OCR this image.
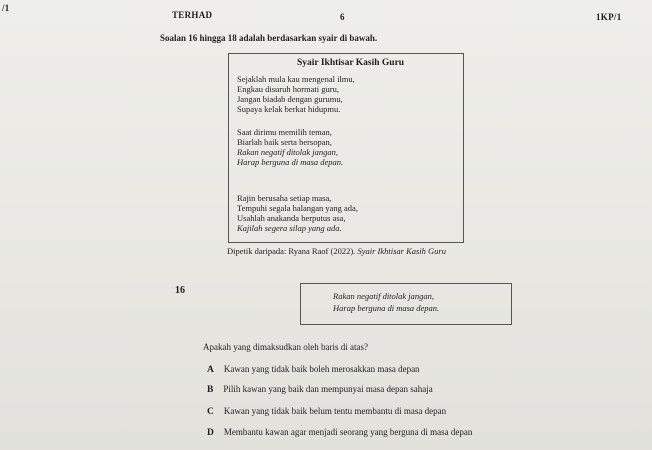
/1
TERHAD	6	1KP/1
Soalan 16 hingga 18 adalah berdasarkan syair di bawah.
Syair Ikhtisar Kasih Guru
Sejaklah mula kau mengenal ilmu,
Engkau disuruh hormati guru,
Jangan biadab dengan gurumu,
Supaya kelak berkat hidupmu.
Saat dirimu memilih teman,
Biarlah baik serta bersopan,
Rakan negatif ditolak jangan,
Harap berguna di masa depan.
Rajin berusaha setiap masa,
Tempuhi segala halangan yang ada,
Usahlah anakanda berputus asa,
Kajilah segera silap yang ada.
Dipetik daripada: Ryana Raof (2022). Syair Ikhtisar Kasih Guru
16	Rakan negatif ditolak jangan,
Harap berguna di masa depan.
Apakah yang dimaksudkan oleh baris di atas?
A Kawan yang tidak baik boleh merosakkan masa depan
B Pilih kawan yang baik dan mempunyai masa depan sahaja
C Kawan yang tidak baik belum tentu membantu di masa depan
D Membantu kawan agar menjadi seorang yang berguna di masa depan
